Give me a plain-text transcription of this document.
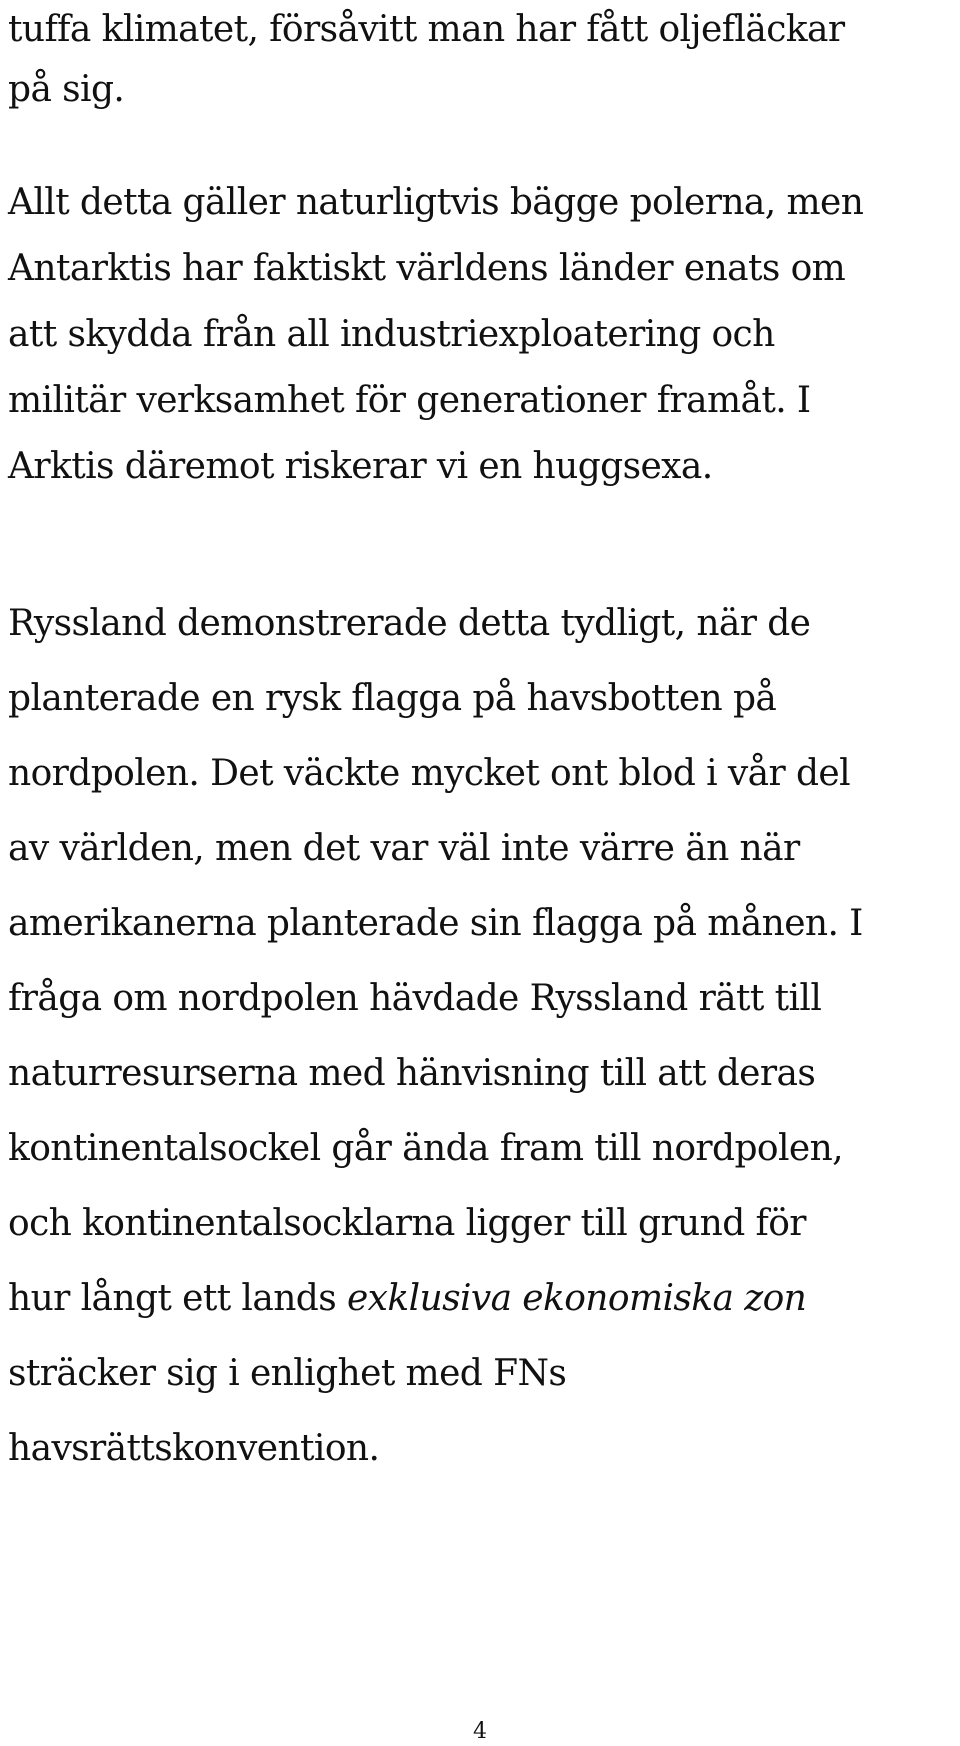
tuffa klimatet, försåvitt man har fått oljefläckar
på sig.

Allt detta gäller naturligtvis bägge polerna, men
Antarktis har faktiskt världens länder enats om
att skydda från all industriexploatering och
militär verksamhet för generationer framåt. I
Arktis däremot riskerar vi en huggsexa.

Ryssland demonstrerade detta tydligt, när de
planterade en rysk flagga på havsbotten på
nordpolen. Det väckte mycket ont blod i vår del
av världen, men det var väl inte värre än när
amerikanerna planterade sin flagga på månen. I
fråga om nordpolen hävdade Ryssland rätt till
naturresurserna med hänvisning till att deras
kontinentalsockel går ända fram till nordpolen,
och kontinentalsocklarna ligger till grund för
hur långt ett lands exklusiva ekonomiska zon
sträcker sig i enlighet med FNs
havsrättskonvention.

4
